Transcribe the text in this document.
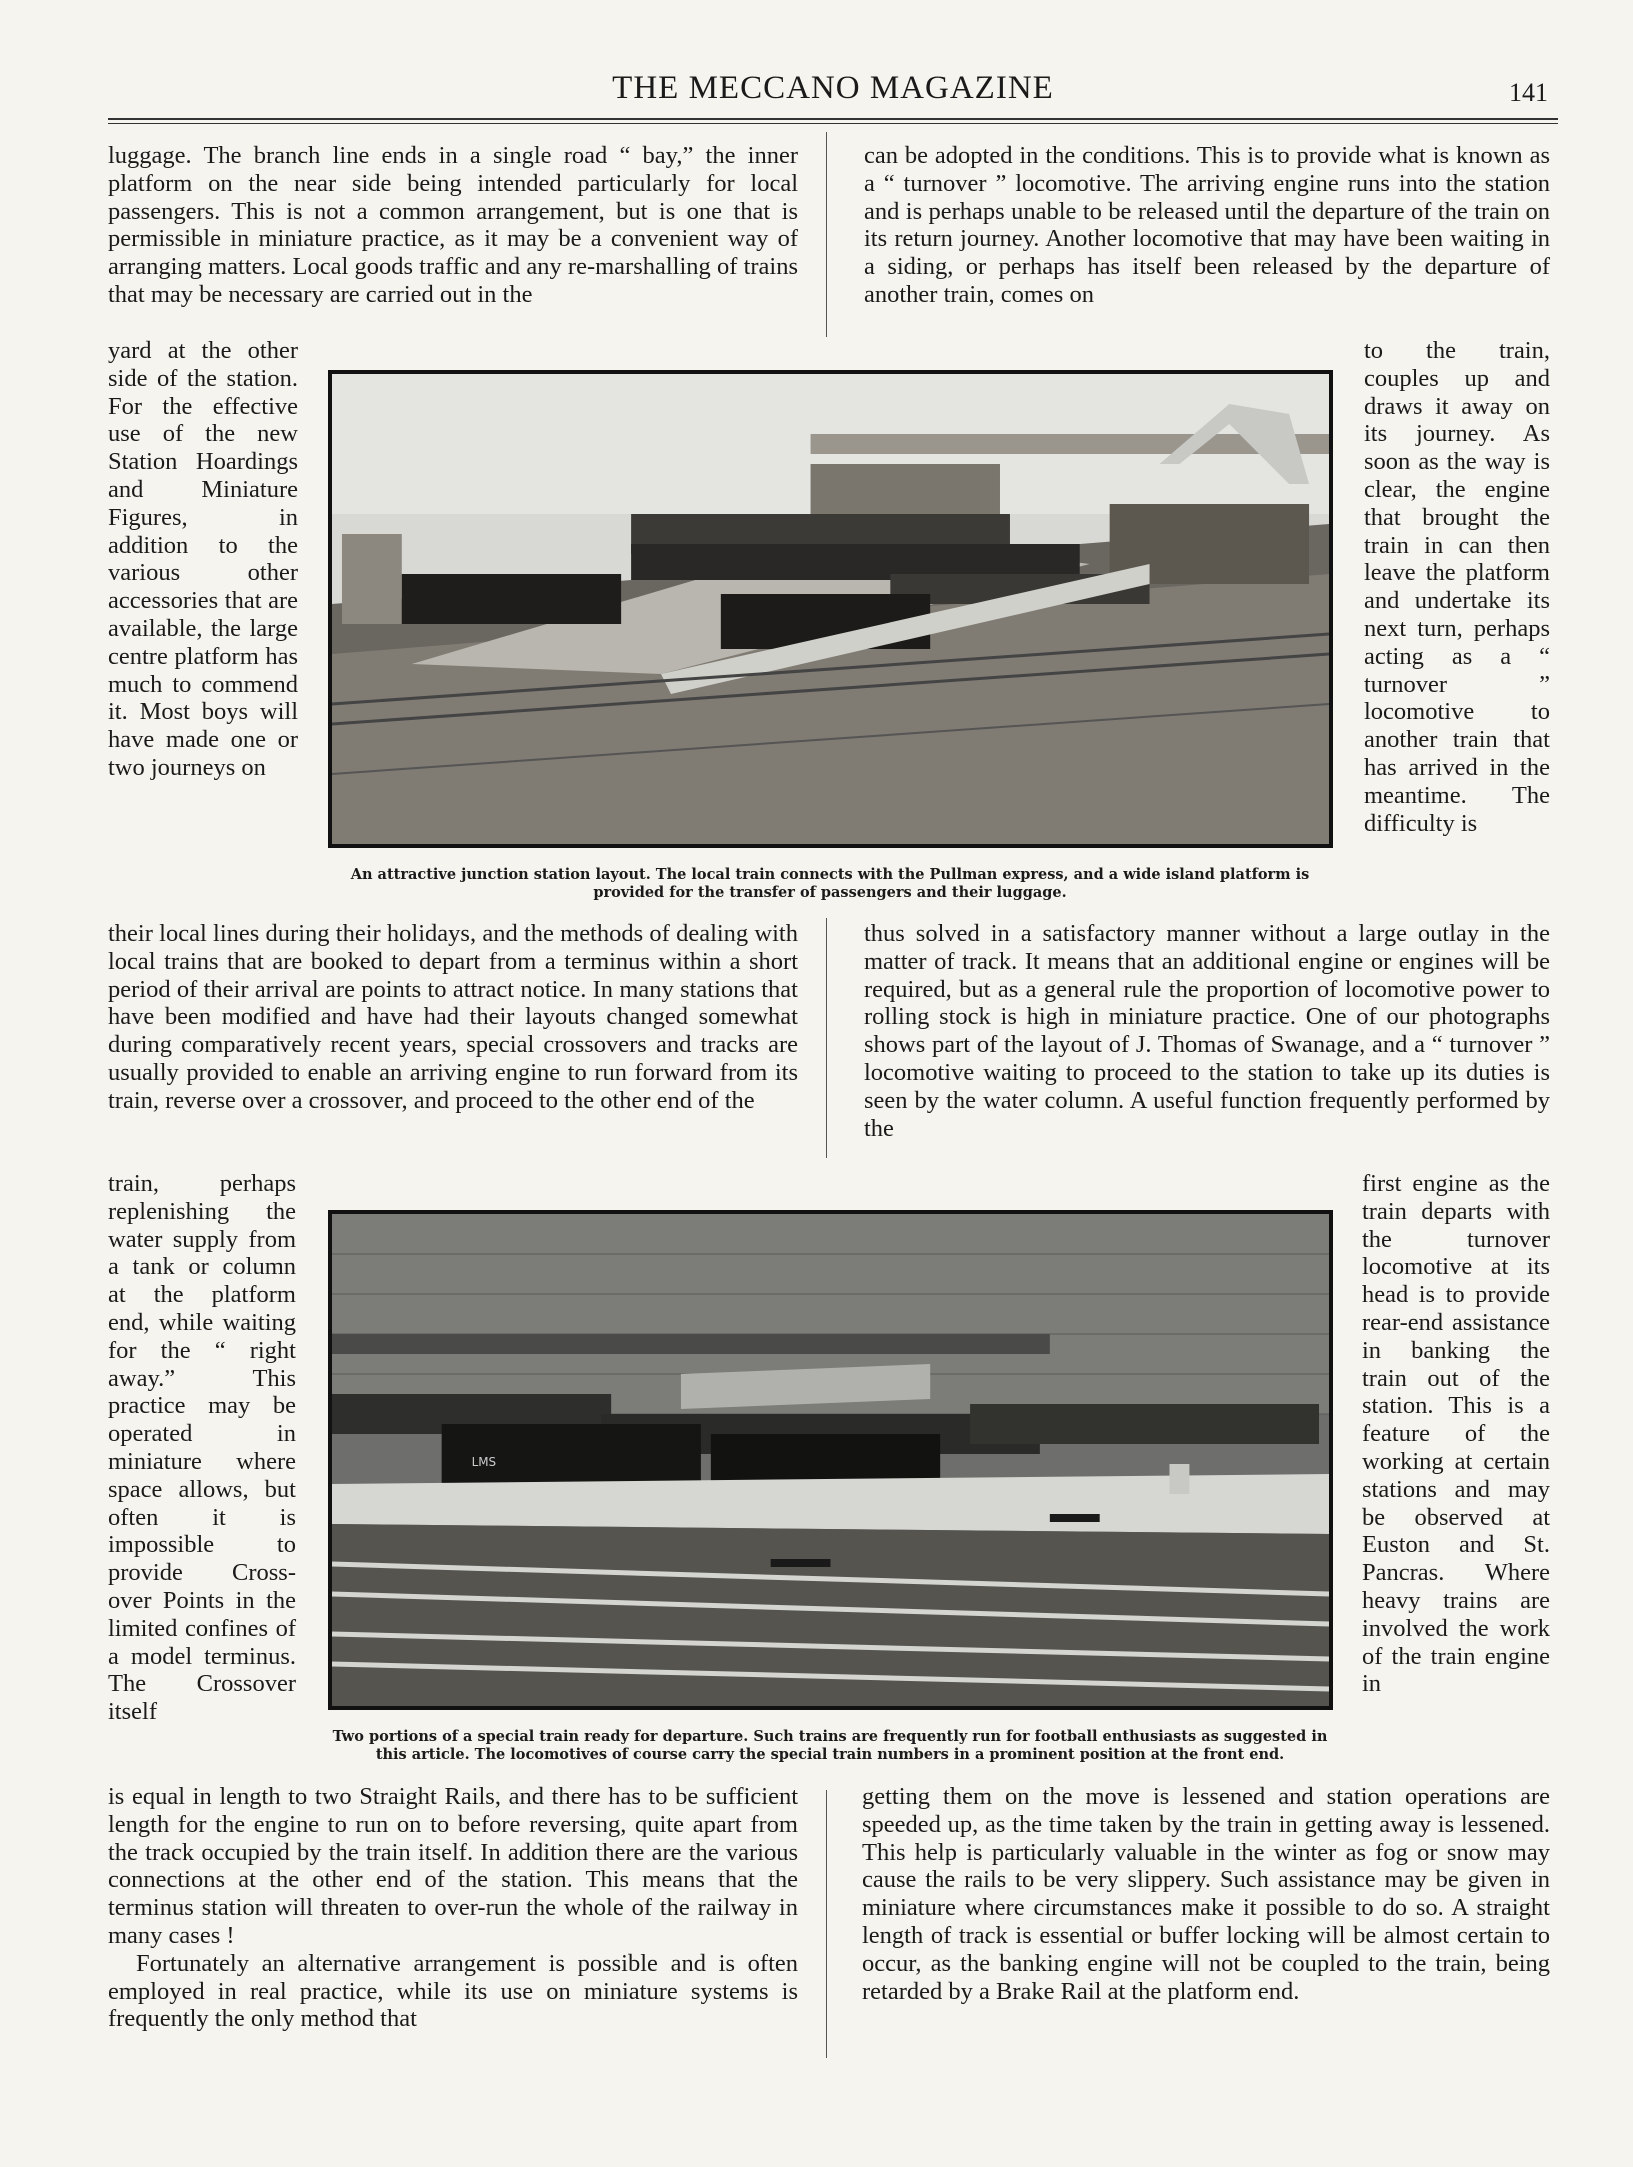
THE MECCANO MAGAZINE	141

luggage. The branch line ends in a single road “ bay,” the inner platform on the near side being intended particularly for local passengers. This is not a common arrangement, but is one that is permissible in miniature practice, as it may be a convenient way of arranging matters. Local goods traffic and any re-marshalling of trains that may be necessary are carried out in the

can be adopted in the conditions. This is to provide what is known as a “ turnover ” locomotive. The arriving engine runs into the station and is perhaps unable to be released until the departure of the train on its return journey. Another locomotive that may have been waiting in a siding, or perhaps has itself been released by the departure of another train, comes on

yard at the other side of the station. For the effective use of the new Station Hoardings and Miniature Figures, in addition to the various other accessories that are available, the large centre platform has much to commend it. Most boys will have made one or two journeys on

to the train, couples up and draws it away on its journey. As soon as the way is clear, the engine that brought the train in can then leave the platform and undertake its next turn, perhaps acting as a “ turnover ” locomotive to another train that has arrived in the meantime. The difficulty is

An attractive junction station layout. The local train connects with the Pullman express, and a wide island platform is provided for the transfer of passengers and their luggage.

their local lines during their holidays, and the methods of dealing with local trains that are booked to depart from a terminus within a short period of their arrival are points to attract notice. In many stations that have been modified and have had their layouts changed somewhat during comparatively recent years, special crossovers and tracks are usually provided to enable an arriving engine to run forward from its train, reverse over a crossover, and proceed to the other end of the

thus solved in a satisfactory manner without a large outlay in the matter of track. It means that an additional engine or engines will be required, but as a general rule the proportion of locomotive power to rolling stock is high in miniature practice. One of our photographs shows part of the layout of J. Thomas of Swanage, and a “ turnover ” locomotive waiting to proceed to the station to take up its duties is seen by the water column. A useful function frequently performed by the

train, perhaps replenishing the water supply from a tank or column at the platform end, while waiting for the “ right away.” This practice may be operated in miniature where space allows, but often it is impossible to provide Cross-over Points in the limited confines of a model terminus. The Crossover itself

first engine as the train departs with the turnover locomotive at its head is to provide rear-end assistance in banking the train out of the station. This is a feature of the working at certain stations and may be observed at Euston and St. Pancras. Where heavy trains are involved the work of the train engine in

LMS
Two portions of a special train ready for departure. Such trains are frequently run for football enthusiasts as suggested in this article. The locomotives of course carry the special train numbers in a prominent position at the front end.

is equal in length to two Straight Rails, and there has to be sufficient length for the engine to run on to before reversing, quite apart from the track occupied by the train itself. In addition there are the various connections at the other end of the station. This means that the terminus station will threaten to over-run the whole of the railway in many cases !

Fortunately an alternative arrangement is possible and is often employed in real practice, while its use on miniature systems is frequently the only method that

getting them on the move is lessened and station operations are speeded up, as the time taken by the train in getting away is lessened. This help is particularly valuable in the winter as fog or snow may cause the rails to be very slippery. Such assistance may be given in miniature where circumstances make it possible to do so. A straight length of track is essential or buffer locking will be almost certain to occur, as the banking engine will not be coupled to the train, being retarded by a Brake Rail at the platform end.
